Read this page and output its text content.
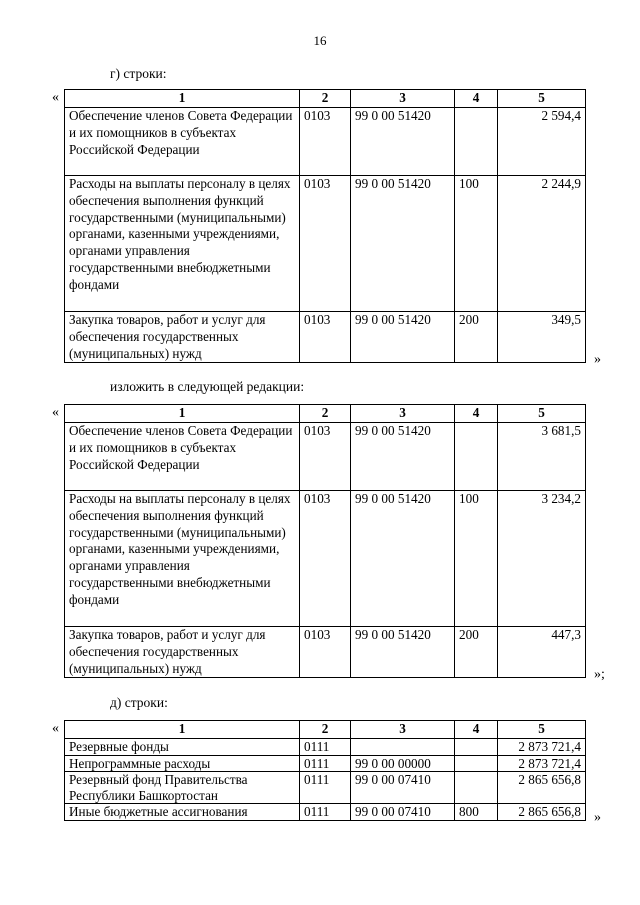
16
г) строки:
«	1	2	3	4	5
Обеспечение членов Совета Федерации и их помощников в субъектах Российской Федерации	0103	99 0 00 51420		2 594,4
Расходы на выплаты персоналу в целях обеспечения выполнения функций государственными (муниципальными) органами, казенными учреждениями, органами управления государственными внебюджетными фондами	0103	99 0 00 51420	100	2 244,9
Закупка товаров, работ и услуг для обеспечения государственных (муниципальных) нужд	0103	99 0 00 51420	200	349,5
»
изложить в следующей редакции:
«	1	2	3	4	5
Обеспечение членов Совета Федерации и их помощников в субъектах Российской Федерации	0103	99 0 00 51420		3 681,5
Расходы на выплаты персоналу в целях обеспечения выполнения функций государственными (муниципальными) органами, казенными учреждениями, органами управления государственными внебюджетными фондами	0103	99 0 00 51420	100	3 234,2
Закупка товаров, работ и услуг для обеспечения государственных (муниципальных) нужд	0103	99 0 00 51420	200	447,3
»;
д) строки:
«	1	2	3	4	5
Резервные фонды	0111			2 873 721,4
Непрограммные расходы	0111	99 0 00 00000		2 873 721,4
Резервный фонд Правительства Республики Башкортостан	0111	99 0 00 07410		2 865 656,8
Иные бюджетные ассигнования	0111	99 0 00 07410	800	2 865 656,8 »
